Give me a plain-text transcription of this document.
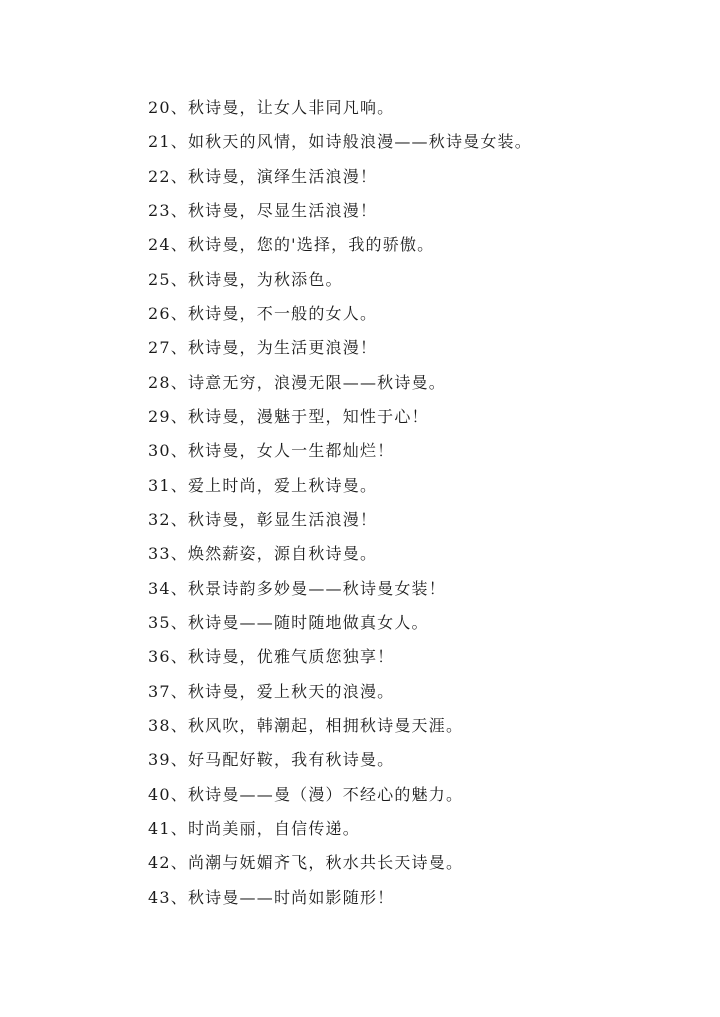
20、秋诗曼，让女人非同凡响。
21、如秋天的风情，如诗般浪漫——秋诗曼女装。
22、秋诗曼，演绎生活浪漫！
23、秋诗曼，尽显生活浪漫！
24、秋诗曼，您的'选择，我的骄傲。
25、秋诗曼，为秋添色。
26、秋诗曼，不一般的女人。
27、秋诗曼，为生活更浪漫！
28、诗意无穷，浪漫无限——秋诗曼。
29、秋诗曼，漫魅于型，知性于心！
30、秋诗曼，女人一生都灿烂！
31、爱上时尚，爱上秋诗曼。
32、秋诗曼，彰显生活浪漫！
33、焕然薪姿，源自秋诗曼。
34、秋景诗韵多妙曼——秋诗曼女装！
35、秋诗曼——随时随地做真女人。
36、秋诗曼，优雅气质您独享！
37、秋诗曼，爱上秋天的浪漫。
38、秋风吹，韩潮起，相拥秋诗曼天涯。
39、好马配好鞍，我有秋诗曼。
40、秋诗曼——曼（漫）不经心的魅力。
41、时尚美丽，自信传递。
42、尚潮与妩媚齐飞，秋水共长天诗曼。
43、秋诗曼——时尚如影随形！
